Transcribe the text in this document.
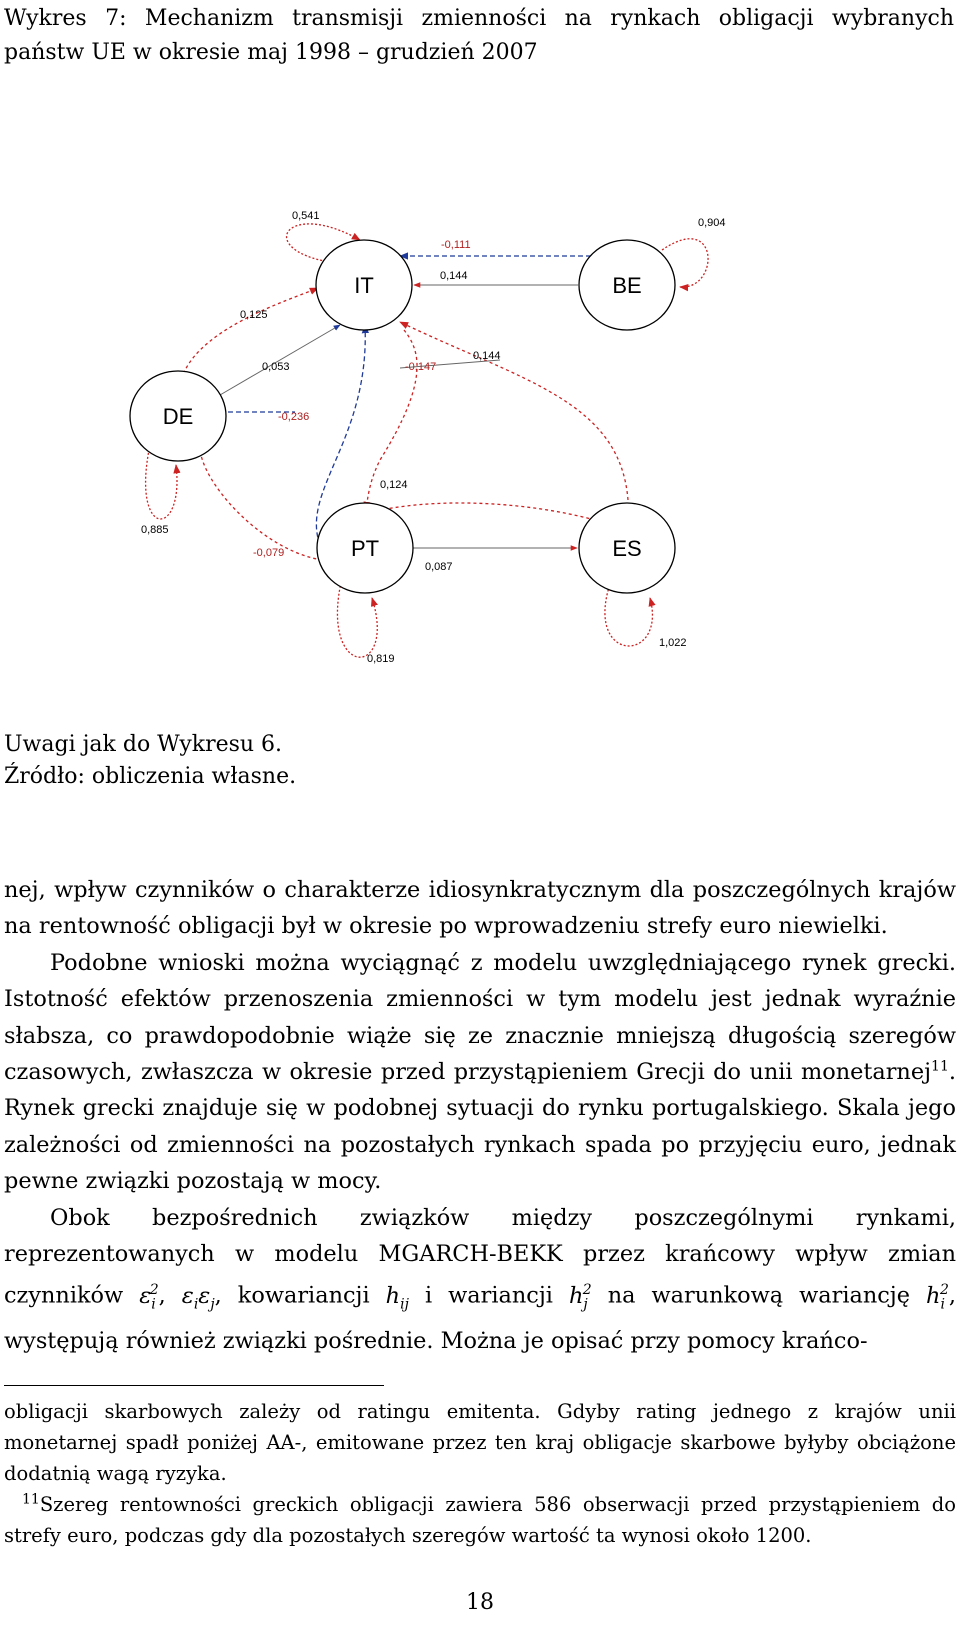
Wykres 7: Mechanizm transmisji zmienności na rynkach obligacji wybranych
państw UE w okresie maj 1998 – grudzień 2007
IT	BE
DE
PT	ES
0,541
0,904
-0,111
0,144
0,125
0,053	-0,147
0,144
-0,236
0,124
0,885
-0,079
0,087
0,819
1,022
Uwagi jak do Wykresu 6.
Źródło: obliczenia własne.

nej, wpływ czynników o charakterze idiosynkratycznym dla poszczególnych krajów na rentowność obligacji był w okresie po wprowadzeniu strefy euro niewielki.

Podobne wnioski można wyciągnąć z modelu uwzględniającego rynek grecki. Istotność efektów przenoszenia zmienności w tym modelu jest jednak wyraźnie słabsza, co prawdopodobnie wiąże się ze znacznie mniejszą długością szeregów czasowych, zwłaszcza w okresie przed przystąpieniem Grecji do unii monetarnej$^{11}$. Rynek grecki znajduje się w podobnej sytuacji do rynku portugalskiego. Skala jego zależności od zmienności na pozostałych rynkach spada po przyjęciu euro, jednak pewne związki pozostają w mocy.

Obok bezpośrednich związków między poszczególnymi rynkami, reprezentowanych w modelu MGARCH-BEKK przez krańcowy wpływ zmian czynników $\varepsilon_i^2$, $\varepsilon_i\varepsilon_j$, kowariancji $h_{ij}$ i wariancji $h_j^2$ na warunkową wariancję $h_i^2$, występują również związki pośrednie. Można je opisać przy pomocy krańco-

obligacji skarbowych zależy od ratingu emitenta. Gdyby rating jednego z krajów unii monetarnej spadł poniżej AA-, emitowane przez ten kraj obligacje skarbowe byłyby obciążone dodatnią wagą ryzyka.

$^{11}$Szereg rentowności greckich obligacji zawiera 586 obserwacji przed przystąpieniem do strefy euro, podczas gdy dla pozostałych szeregów wartość ta wynosi około 1200.

18
